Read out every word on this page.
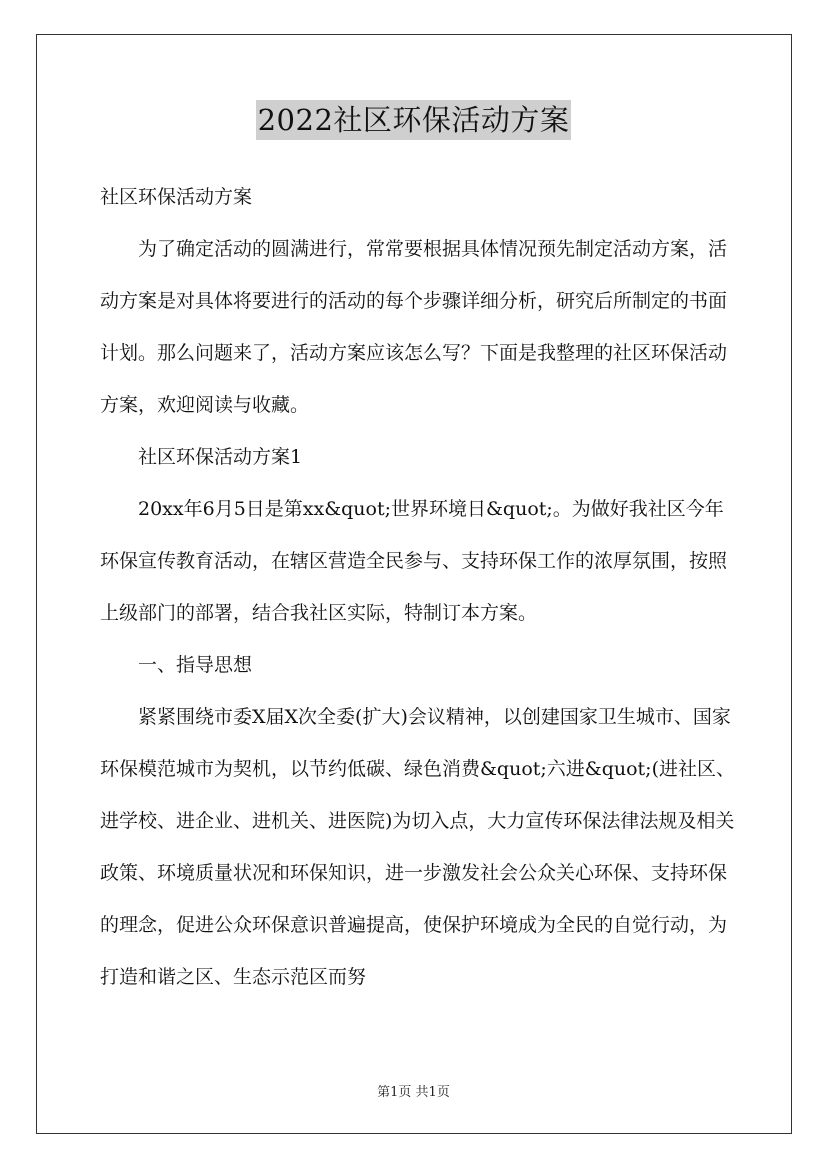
2022社区环保活动方案

社区环保活动方案

为了确定活动的圆满进行，常常要根据具体情况预先制定活动方案，活动方案是对具体将要进行的活动的每个步骤详细分析，研究后所制定的书面计划。那么问题来了，活动方案应该怎么写？下面是我整理的社区环保活动方案，欢迎阅读与收藏。

社区环保活动方案1

20xx年6月5日是第xx&quot;世界环境日&quot;。为做好我社区今年环保宣传教育活动，在辖区营造全民参与、支持环保工作的浓厚氛围，按照上级部门的部署，结合我社区实际，特制订本方案。

一、指导思想

紧紧围绕市委X届X次全委(扩大)会议精神，以创建国家卫生城市、国家环保模范城市为契机，以节约低碳、绿色消费&quot;六进&quot;(进社区、进学校、进企业、进机关、进医院)为切入点，大力宣传环保法律法规及相关政策、环境质量状况和环保知识，进一步激发社会公众关心环保、支持环保的理念，促进公众环保意识普遍提高，使保护环境成为全民的自觉行动，为打造和谐之区、生态示范区而努

第1页 共1页
